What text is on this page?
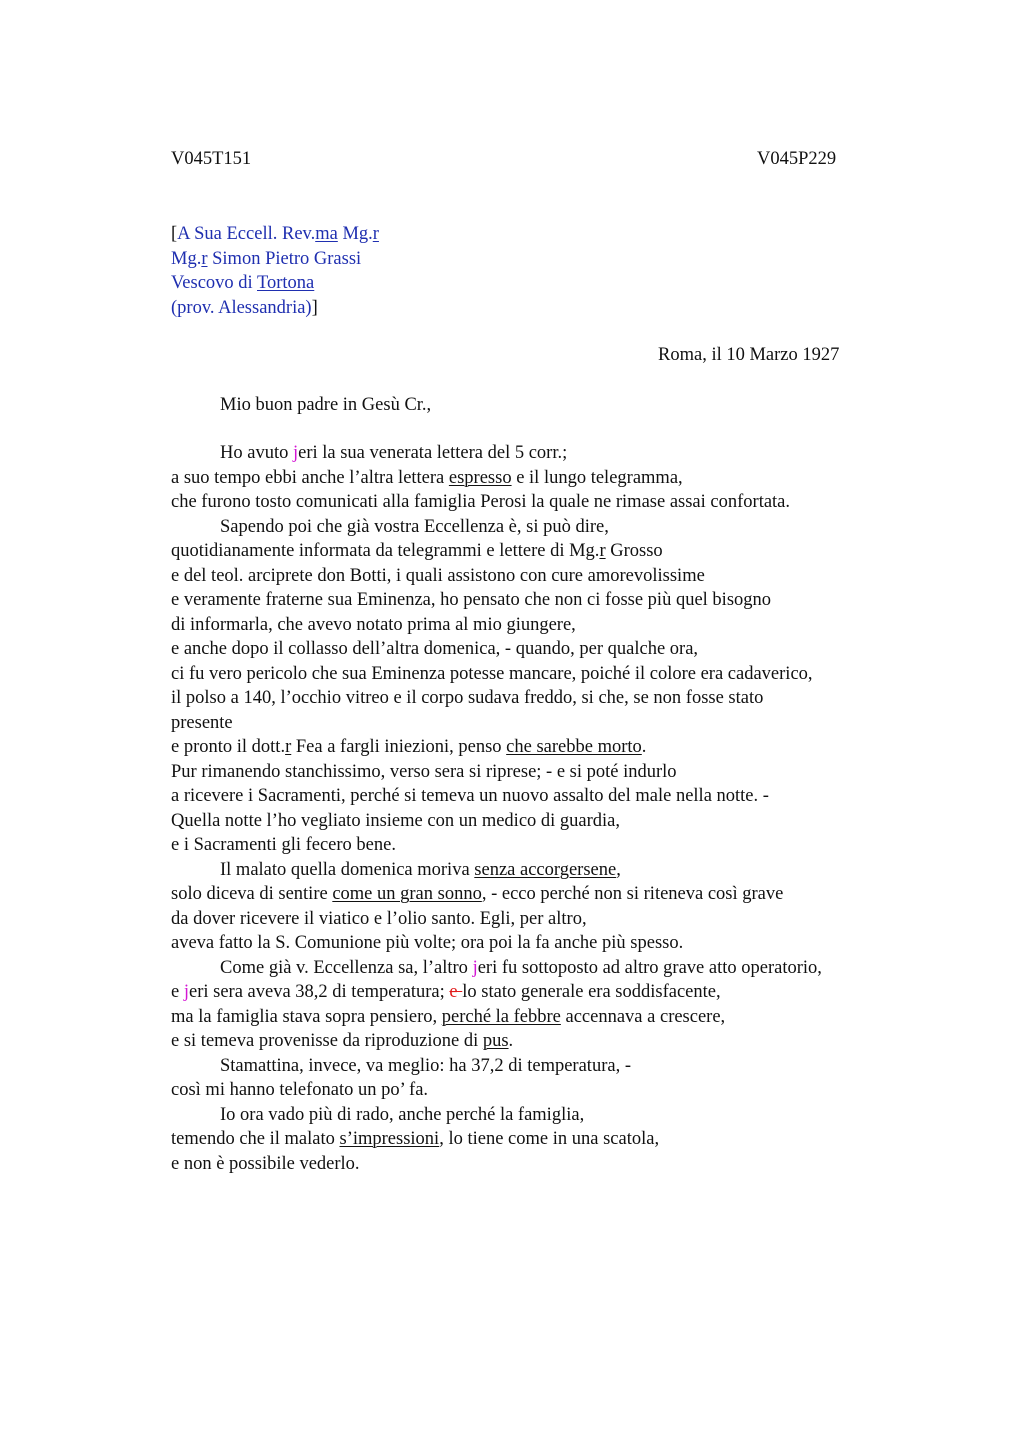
V045T151	V045P229
[A Sua Eccell. Rev.ma Mg.r
Mg.r Simon Pietro Grassi
Vescovo di Tortona
(prov. Alessandria)]
Roma, il 10 Marzo 1927
Mio buon padre in Gesù Cr.,
Ho avuto jeri la sua venerata lettera del 5 corr.;
a suo tempo ebbi anche l’altra lettera espresso e il lungo telegramma,
che furono tosto comunicati alla famiglia Perosi la quale ne rimase assai confortata.
Sapendo poi che già vostra Eccellenza è, si può dire,
quotidianamente informata da telegrammi e lettere di Mg.r Grosso
e del teol. arciprete don Botti, i quali assistono con cure amorevolissime
e veramente fraterne sua Eminenza, ho pensato che non ci fosse più quel bisogno
di informarla, che avevo notato prima al mio giungere,
e anche dopo il collasso dell’altra domenica, - quando, per qualche ora,
ci fu vero pericolo che sua Eminenza potesse mancare, poiché il colore era cadaverico,
il polso a 140, l’occhio vitreo e il corpo sudava freddo, si che, se non fosse stato
presente
e pronto il dott.r Fea a fargli iniezioni, penso che sarebbe morto.
Pur rimanendo stanchissimo, verso sera si riprese; - e si poté indurlo
a ricevere i Sacramenti, perché si temeva un nuovo assalto del male nella notte. -
Quella notte l’ho vegliato insieme con un medico di guardia,
e i Sacramenti gli fecero bene.
Il malato quella domenica moriva senza accorgersene,
solo diceva di sentire come un gran sonno, - ecco perché non si riteneva così grave
da dover ricevere il viatico e l’olio santo. Egli, per altro,
aveva fatto la S. Comunione più volte; ora poi la fa anche più spesso.
Come già v. Eccellenza sa, l’altro jeri fu sottoposto ad altro grave atto operatorio,
e jeri sera aveva 38,2 di temperatura; e lo stato generale era soddisfacente,
ma la famiglia stava sopra pensiero, perché la febbre accennava a crescere,
e si temeva provenisse da riproduzione di pus.
Stamattina, invece, va meglio: ha 37,2 di temperatura, -
così mi hanno telefonato un po’ fa.
Io ora vado più di rado, anche perché la famiglia,
temendo che il malato s’impressioni, lo tiene come in una scatola,
e non è possibile vederlo.
